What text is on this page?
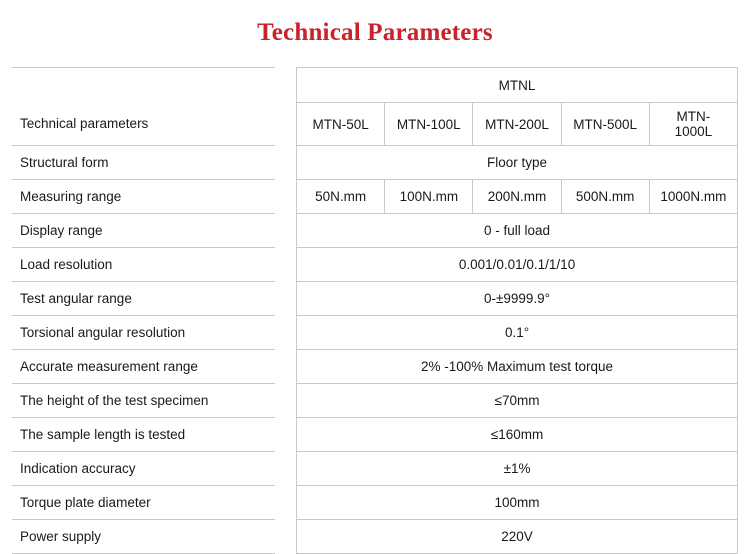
Technical Parameters
		MTNL				
Technical parameters		MTN-50L	MTN-100L	MTN-200L	MTN-500L	MTN-1000L
Structural form		Floor type				
Measuring range		50N.mm	100N.mm	200N.mm	500N.mm	1000N.mm
Display range		0 - full load				
Load resolution		0.001/0.01/0.1/1/10				
Test angular range		0-±9999.9°				
Torsional angular resolution		0.1°				
Accurate measurement range		2% -100% Maximum test torque				
The height of the test specimen		≤70mm				
The sample length is tested		≤160mm				
Indication accuracy		±1%				
Torque plate diameter		100mm				
Power supply		220V				
